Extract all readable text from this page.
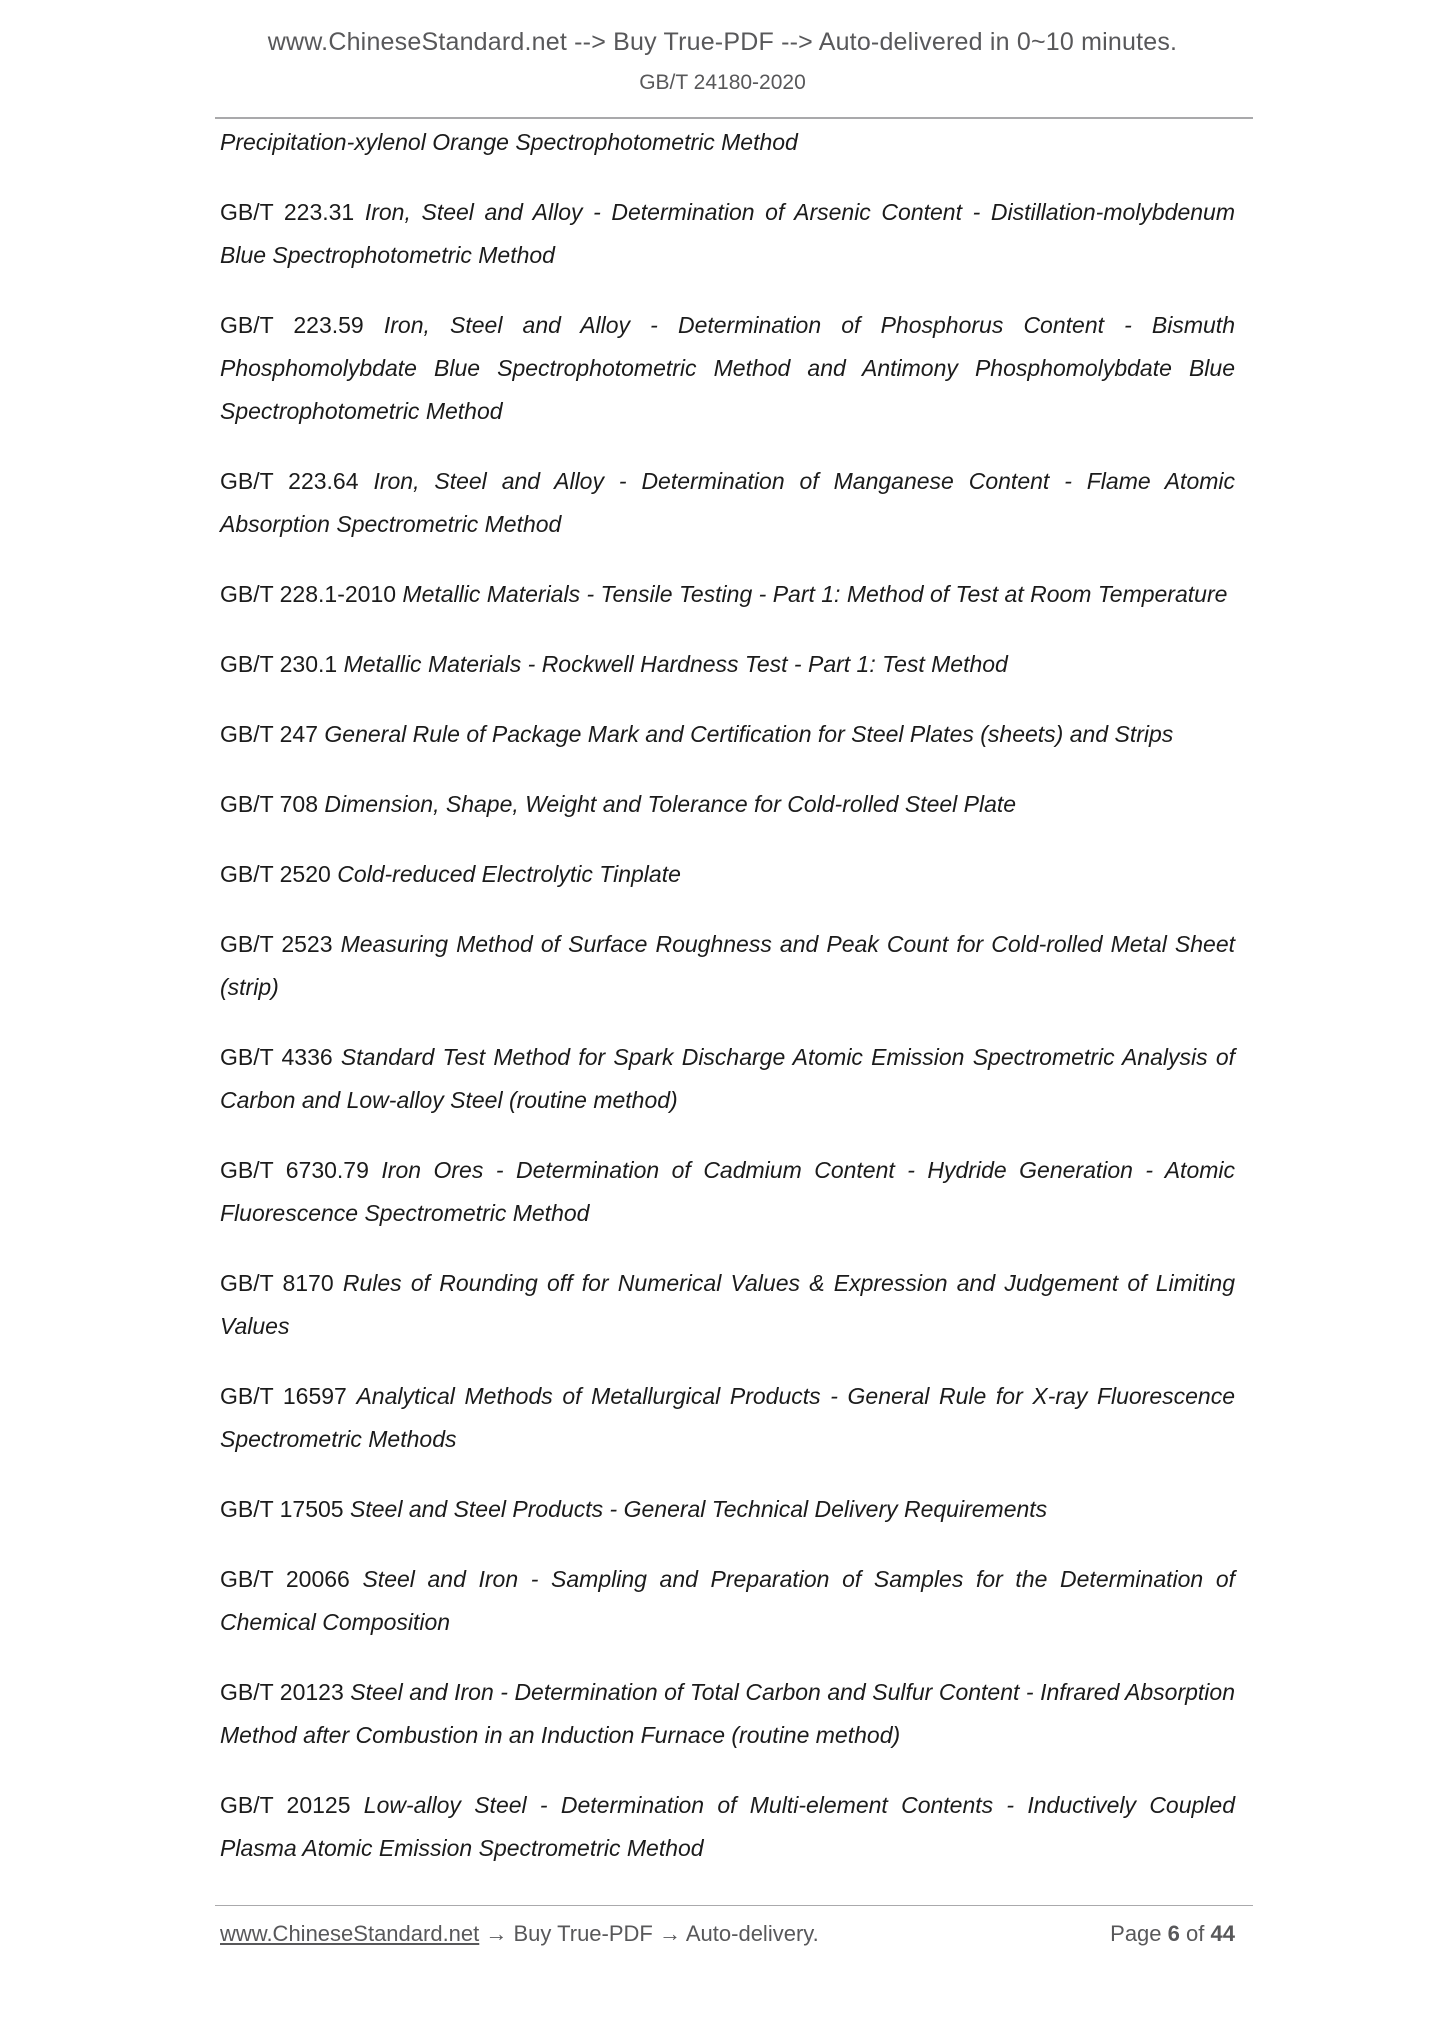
www.ChineseStandard.net --> Buy True-PDF --> Auto-delivered in 0~10 minutes.
GB/T 24180-2020

Precipitation-xylenol Orange Spectrophotometric Method

GB/T 223.31 Iron, Steel and Alloy - Determination of Arsenic Content - Distillation-molybdenum Blue Spectrophotometric Method

GB/T 223.59 Iron, Steel and Alloy - Determination of Phosphorus Content - Bismuth Phosphomolybdate Blue Spectrophotometric Method and Antimony Phosphomolybdate Blue Spectrophotometric Method

GB/T 223.64 Iron, Steel and Alloy - Determination of Manganese Content - Flame Atomic Absorption Spectrometric Method

GB/T 228.1-2010 Metallic Materials - Tensile Testing - Part 1: Method of Test at Room Temperature

GB/T 230.1 Metallic Materials - Rockwell Hardness Test - Part 1: Test Method

GB/T 247 General Rule of Package Mark and Certification for Steel Plates (sheets) and Strips

GB/T 708 Dimension, Shape, Weight and Tolerance for Cold-rolled Steel Plate

GB/T 2520 Cold-reduced Electrolytic Tinplate

GB/T 2523 Measuring Method of Surface Roughness and Peak Count for Cold-rolled Metal Sheet (strip)

GB/T 4336 Standard Test Method for Spark Discharge Atomic Emission Spectrometric Analysis of Carbon and Low-alloy Steel (routine method)

GB/T 6730.79 Iron Ores - Determination of Cadmium Content - Hydride Generation - Atomic Fluorescence Spectrometric Method

GB/T 8170 Rules of Rounding off for Numerical Values & Expression and Judgement of Limiting Values

GB/T 16597 Analytical Methods of Metallurgical Products - General Rule for X-ray Fluorescence Spectrometric Methods

GB/T 17505 Steel and Steel Products - General Technical Delivery Requirements

GB/T 20066 Steel and Iron - Sampling and Preparation of Samples for the Determination of Chemical Composition

GB/T 20123 Steel and Iron - Determination of Total Carbon and Sulfur Content - Infrared Absorption Method after Combustion in an Induction Furnace (routine method)

GB/T 20125 Low-alloy Steel - Determination of Multi-element Contents - Inductively Coupled Plasma Atomic Emission Spectrometric Method

www.ChineseStandard.net → Buy True-PDF → Auto-delivery.	Page 6 of 44
